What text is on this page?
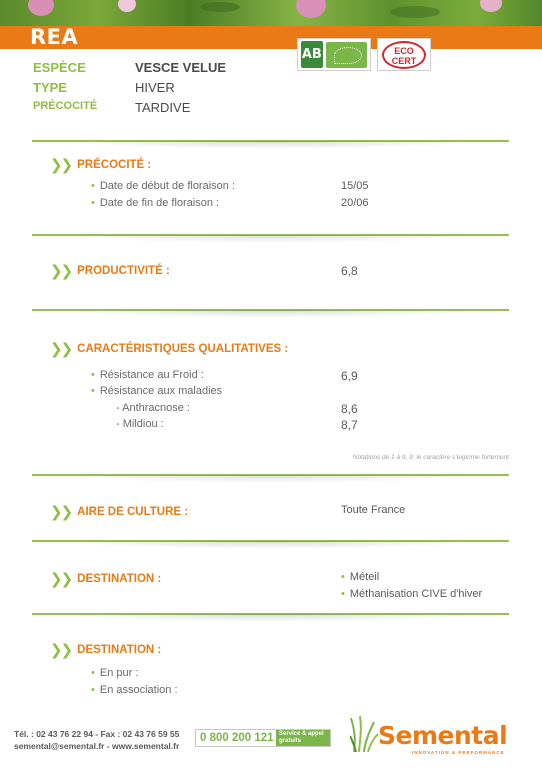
REA
AB	ECO
CERT
ESPÈCE	VESCE VELUE
TYPE	HIVER
PRÉCOCITÉ	TARDIVE
❯❯ PRÉCOCITÉ :
• Date de début de floraison :	15/05
• Date de fin de floraison :	20/06
❯❯ PRODUCTIVITÉ :	6,8
❯❯ CARACTÉRISTIQUES QUALITATIVES :
• Résistance au Froid :	6,9
• Résistance aux maladies
- Anthracnose :	8,6
- Mildiou :	8,7
Notations de 1 à 9, 9: le caractère s'exprime fortement
❯❯ AIRE DE CULTURE :	Toute France
❯❯ DESTINATION :	• Méteil
• Méthanisation CIVE d'hiver
❯❯ DESTINATION :
• En pur :
• En association :
Tél. : 02 43 76 22 94 - Fax : 02 43 76 59 55
semental@semental.fr - www.semental.fr
0 800 200 121 Service & appel gratuits	Semental
INNOVATION & PERFORMANCE
